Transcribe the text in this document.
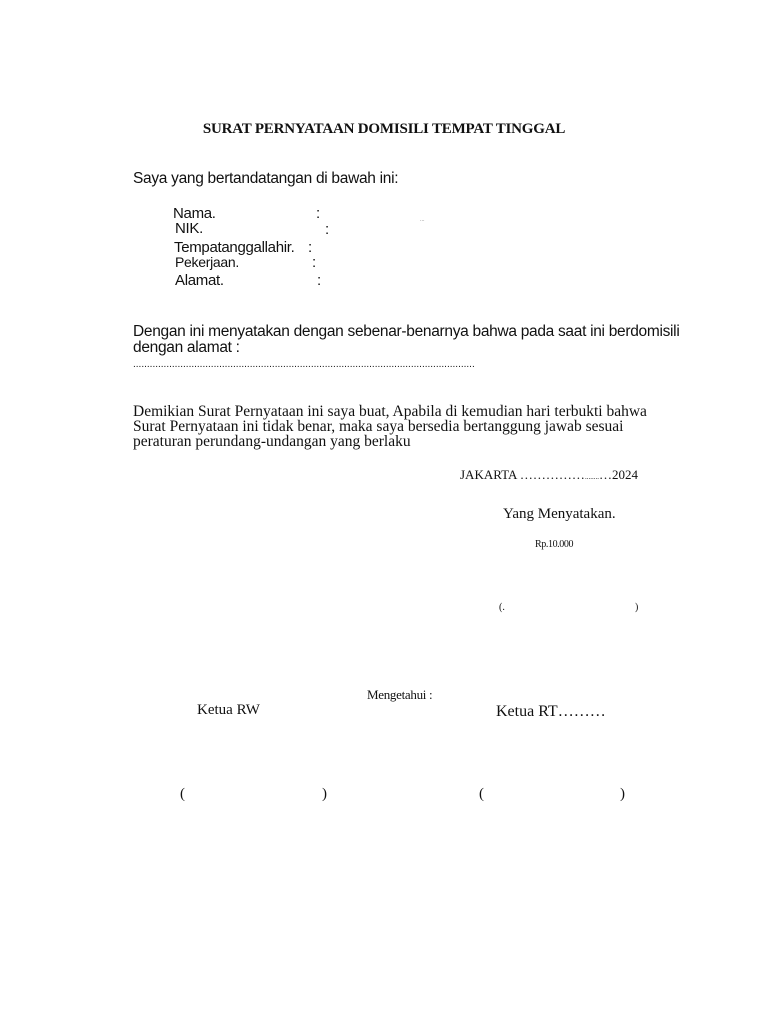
SURAT PERNYATAAN DOMISILI TEMPAT TINGGAL
Saya yang bertandatangan di bawah ini:
Nama.	:
NIK.	:
...
Tempatanggallahir. :
Pekerjaan.	:
Alamat.	:
Dengan ini menyatakan dengan sebenar-benarnya bahwa pada saat ini berdomisili
dengan alamat :
...........................................................................................................................
Demikian Surat Pernyataan ini saya buat, Apabila di kemudian hari terbukti bahwa
Surat Pernyataan ini tidak benar, maka saya bersedia bertanggung jawab sesuai
peraturan perundang-undangan yang berlaku
JAKARTA ……………........…2024
Yang Menyatakan.
Rp.10.000
(.	)
Mengetahui :
Ketua RW	Ketua RT………
(	)	(	)
